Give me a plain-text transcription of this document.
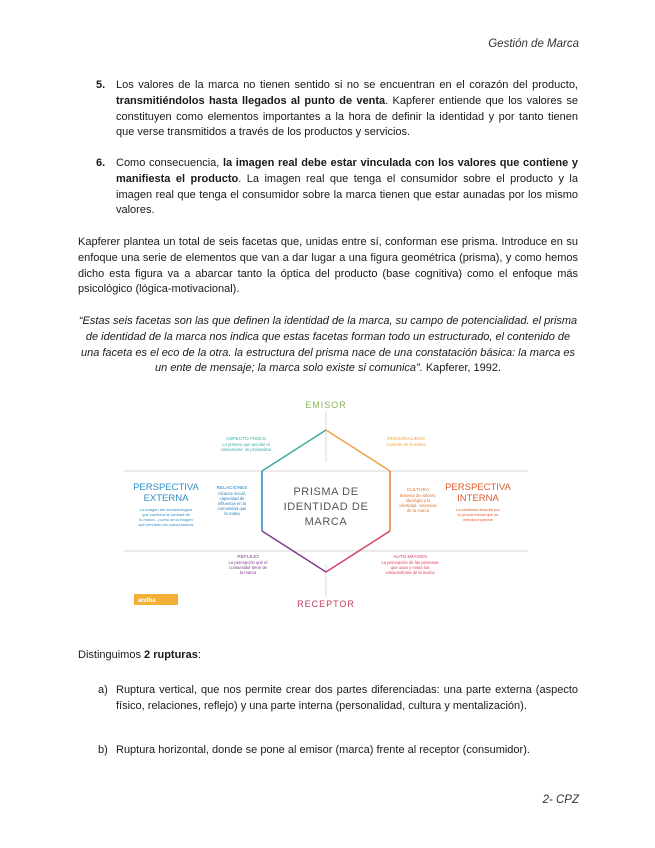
Gestión de Marca
5. Los valores de la marca no tienen sentido si no se encuentran en el corazón del producto, transmitiéndolos hasta llegados al punto de venta. Kapferer entiende que los valores se constituyen como elementos importantes a la hora de definir la identidad y por tanto tienen que verse transmitidos a través de los productos y servicios.
6. Como consecuencia, la imagen real debe estar vinculada con los valores que contiene y manifiesta el producto. La imagen real que tenga el consumidor sobre el producto y la imagen real que tenga el consumidor sobre la marca tienen que estar aunadas por los mismo valores.
Kapferer plantea un total de seis facetas que, unidas entre sí, conforman ese prisma. Introduce en su enfoque una serie de elementos que van a dar lugar a una figura geométrica (prisma), y como hemos dicho esta figura va a abarcar tanto la óptica del producto (base cognitiva) como el enfoque más psicológico (lógica-motivacional).
“Estas seis facetas son las que definen la identidad de la marca, su campo de potencialidad. el prisma de identidad de la marca nos indica que estas facetas forman todo un estructurado, el contenido de una faceta es el eco de la otra. la estructura del prisma nace de una constatación básica: la marca es un ente de mensaje; la marca solo existe si comunica”. Kapferer, 1992.
EMISOR
RECEPTOR
PRISMA DE
IDENTIDAD DE
MARCA
PERSPECTIVA
EXTERNA
La imagen del semantologica
que combina la vanidad de
tu marca, ¿como se la imagen
que perciben los consumidores
PERSPECTIVA
INTERNA
La identidad descrita por
la propia marca que se
intenta proyectar
ASPECTO FÍSICO
Lo primero que percibe el
consumidor: un profundizar
PERSONALIDAD
Carácter de la marca
RELACIONES
Alcance social,
capacidad de
influencia en la
comunidad que
la rodea
CULTURA
Sistema de valores,
ideología y la
identidad, creencias
de la marca
REFLEJO
La percepción que el
consumidor tiene de
la marca
AUTO-IMAGEN
La percepción de las personas
que usan y miran los
consumidores de la marca
andha
Distinguimos 2 rupturas:
a) Ruptura vertical, que nos permite crear dos partes diferenciadas: una parte externa (aspecto físico, relaciones, reflejo) y una parte interna (personalidad, cultura y mentalización).
b) Ruptura horizontal, donde se pone al emisor (marca) frente al receptor (consumidor).
2- CPZ
